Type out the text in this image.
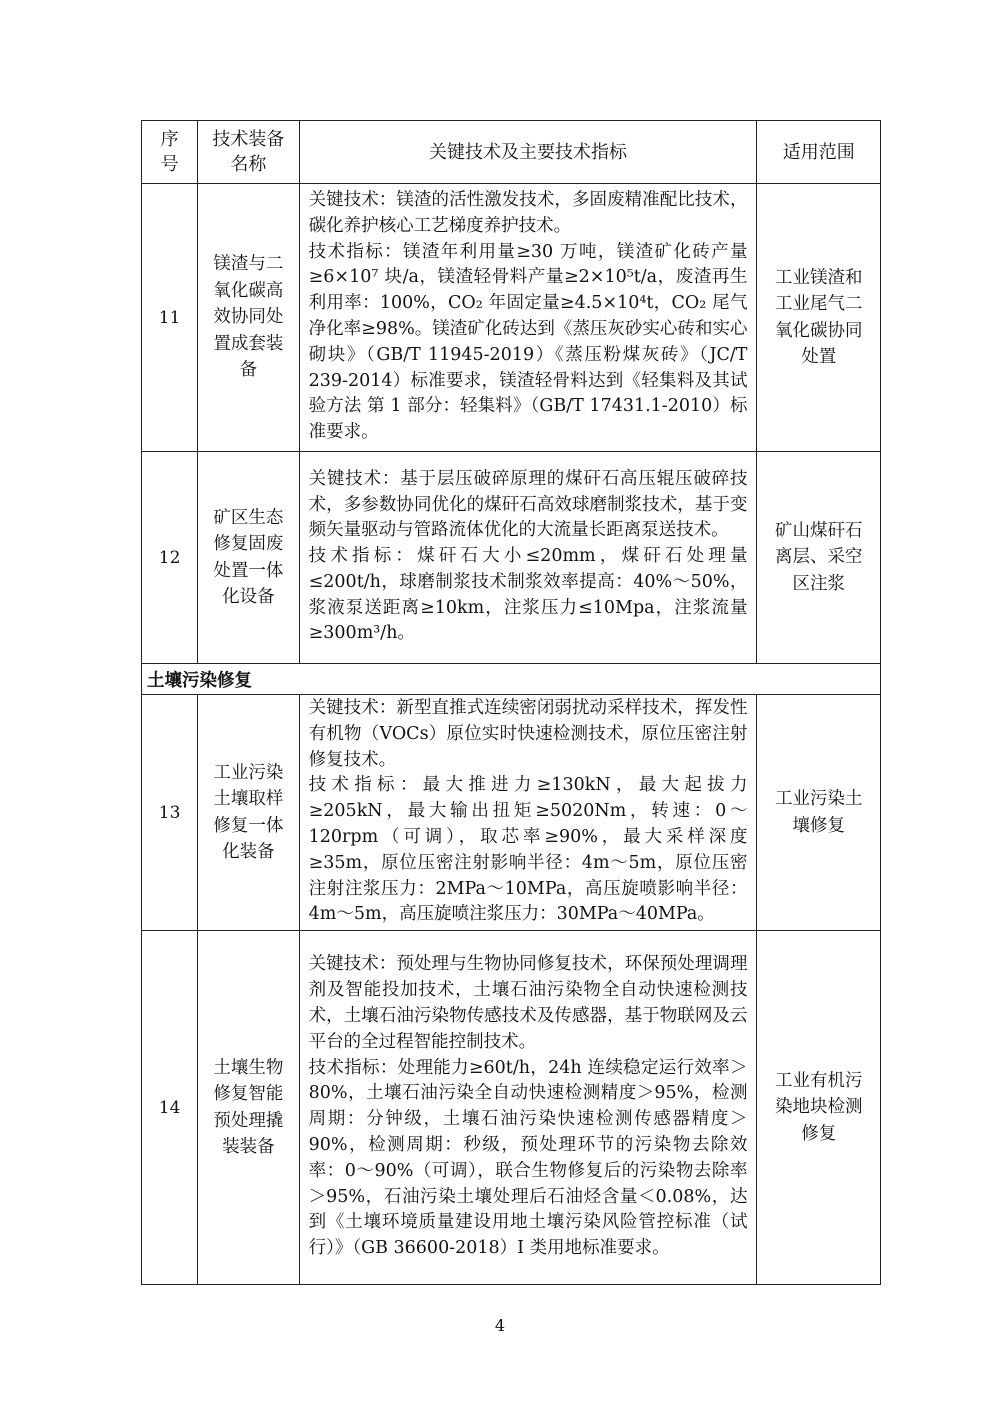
序号	技术装备名称	关键技术及主要技术指标	适用范围
11	镁渣与二氧化碳高效协同处置成套装备	关键技术：镁渣的活性激发技术，多固废精准配比技术，碳化养护核心工艺梯度养护技术。

技术指标：镁渣年利用量≥30 万吨，镁渣矿化砖产量≥6×10⁷ 块/a，镁渣轻骨料产量≥2×10⁵t/a，废渣再生利用率：100%，CO₂ 年固定量≥4.5×10⁴t，CO₂ 尾气净化率≥98%。镁渣矿化砖达到《蒸压灰砂实心砖和实心砌块》（GB/T 11945-2019）《蒸压粉煤灰砖》（JC/T 239-2014）标准要求，镁渣轻骨料达到《轻集料及其试验方法 第 1 部分：轻集料》（GB/T 17431.1-2010）标准要求。	工业镁渣和工业尾气二氧化碳协同处置
12	矿区生态修复固废处置一体化设备	关键技术：基于层压破碎原理的煤矸石高压辊压破碎技术，多参数协同优化的煤矸石高效球磨制浆技术，基于变频矢量驱动与管路流体优化的大流量长距离泵送技术。

技术指标：煤矸石大小≤20mm，煤矸石处理量≤200t/h，球磨制浆技术制浆效率提高：40%～50%，浆液泵送距离≥10km，注浆压力≤10Mpa，注浆流量≥300m³/h。	矿山煤矸石离层、采空区注浆
土壤污染修复			
13	工业污染土壤取样修复一体化装备	关键技术：新型直推式连续密闭弱扰动采样技术，挥发性有机物（VOCs）原位实时快速检测技术，原位压密注射修复技术。

技术指标：最大推进力≥130kN，最大起拔力≥205kN，最大输出扭矩≥5020Nm，转速：0～120rpm（可调），取芯率≥90%，最大采样深度≥35m，原位压密注射影响半径：4m～5m，原位压密注射注浆压力：2MPa～10MPa，高压旋喷影响半径：4m～5m，高压旋喷注浆压力：30MPa～40MPa。	工业污染土壤修复
14	土壤生物修复智能预处理撬装装备	关键技术：预处理与生物协同修复技术，环保预处理调理剂及智能投加技术，土壤石油污染物全自动快速检测技术，土壤石油污染物传感技术及传感器，基于物联网及云平台的全过程智能控制技术。

技术指标：处理能力≥60t/h，24h 连续稳定运行效率＞80%，土壤石油污染全自动快速检测精度＞95%，检测周期：分钟级，土壤石油污染快速检测传感器精度＞90%，检测周期：秒级，预处理环节的污染物去除效率：0～90%（可调），联合生物修复后的污染物去除率＞95%，石油污染土壤处理后石油烃含量＜0.08%，达到《土壤环境质量建设用地土壤污染风险管控标准（试行）》（GB 36600-2018）I 类用地标准要求。	工业有机污染地块检测修复
4
